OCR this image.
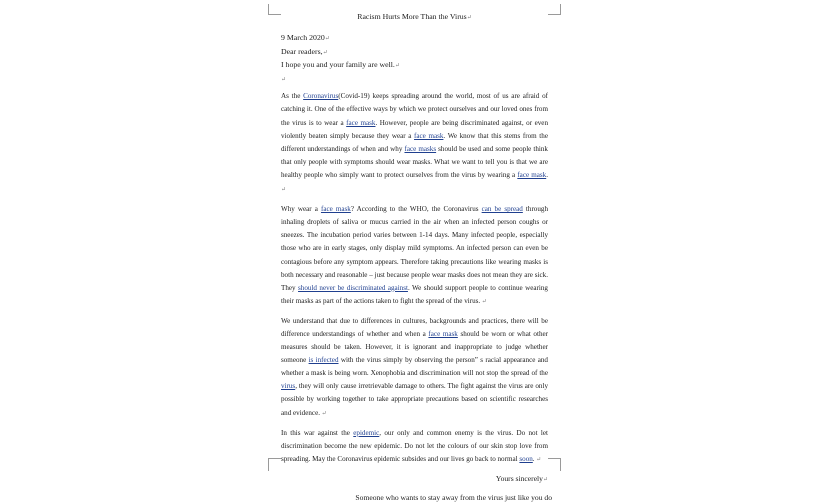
Racism Hurts More Than the Virus↵
9 March 2020↵
Dear readers,↵
I hope you and your family are well.↵
↵
As the Coronavirus(Covid-19) keeps spreading around the world, most of us are afraid of catching it. One of the effective ways by which we protect ourselves and our loved ones from the virus is to wear a face mask. However, people are being discriminated against, or even violently beaten simply because they wear a face mask. We know that this stems from the different understandings of when and why face masks should be used and some people think that only people with symptoms should wear masks. What we want to tell you is that we are healthy people who simply want to protect ourselves from the virus by wearing a face mask. ↵
Why wear a face mask? According to the WHO, the Coronavirus can be spread through inhaling droplets of saliva or mucus carried in the air when an infected person coughs or sneezes. The incubation period varies between 1-14 days. Many infected people, especially those who are in early stages, only display mild symptoms. An infected person can even be contagious before any symptom appears. Therefore taking precautions like wearing masks is both necessary and reasonable – just because people wear masks does not mean they are sick. They should never be discriminated against. We should support people to continue wearing their masks as part of the actions taken to fight the spread of the virus. ↵
We understand that due to differences in cultures, backgrounds and practices, there will be difference understandings of whether and when a face mask should be worn or what other measures should be taken. However, it is ignorant and inappropriate to judge whether someone is infected with the virus simply by observing the person” s racial appearance and whether a mask is being worn. Xenophobia and discrimination will not stop the spread of the virus, they will only cause irretrievable damage to others. The fight against the virus are only possible by working together to take appropriate precautions based on scientific researches and evidence. ↵
In this war against the epidemic, our only and common enemy is the virus. Do not let discrimination become the new epidemic. Do not let the colours of our skin stop love from spreading. May the Coronavirus epidemic subsides and our lives go back to normal soon. ↵
Yours sincerely↵
Someone who wants to stay away from the virus just like you do
